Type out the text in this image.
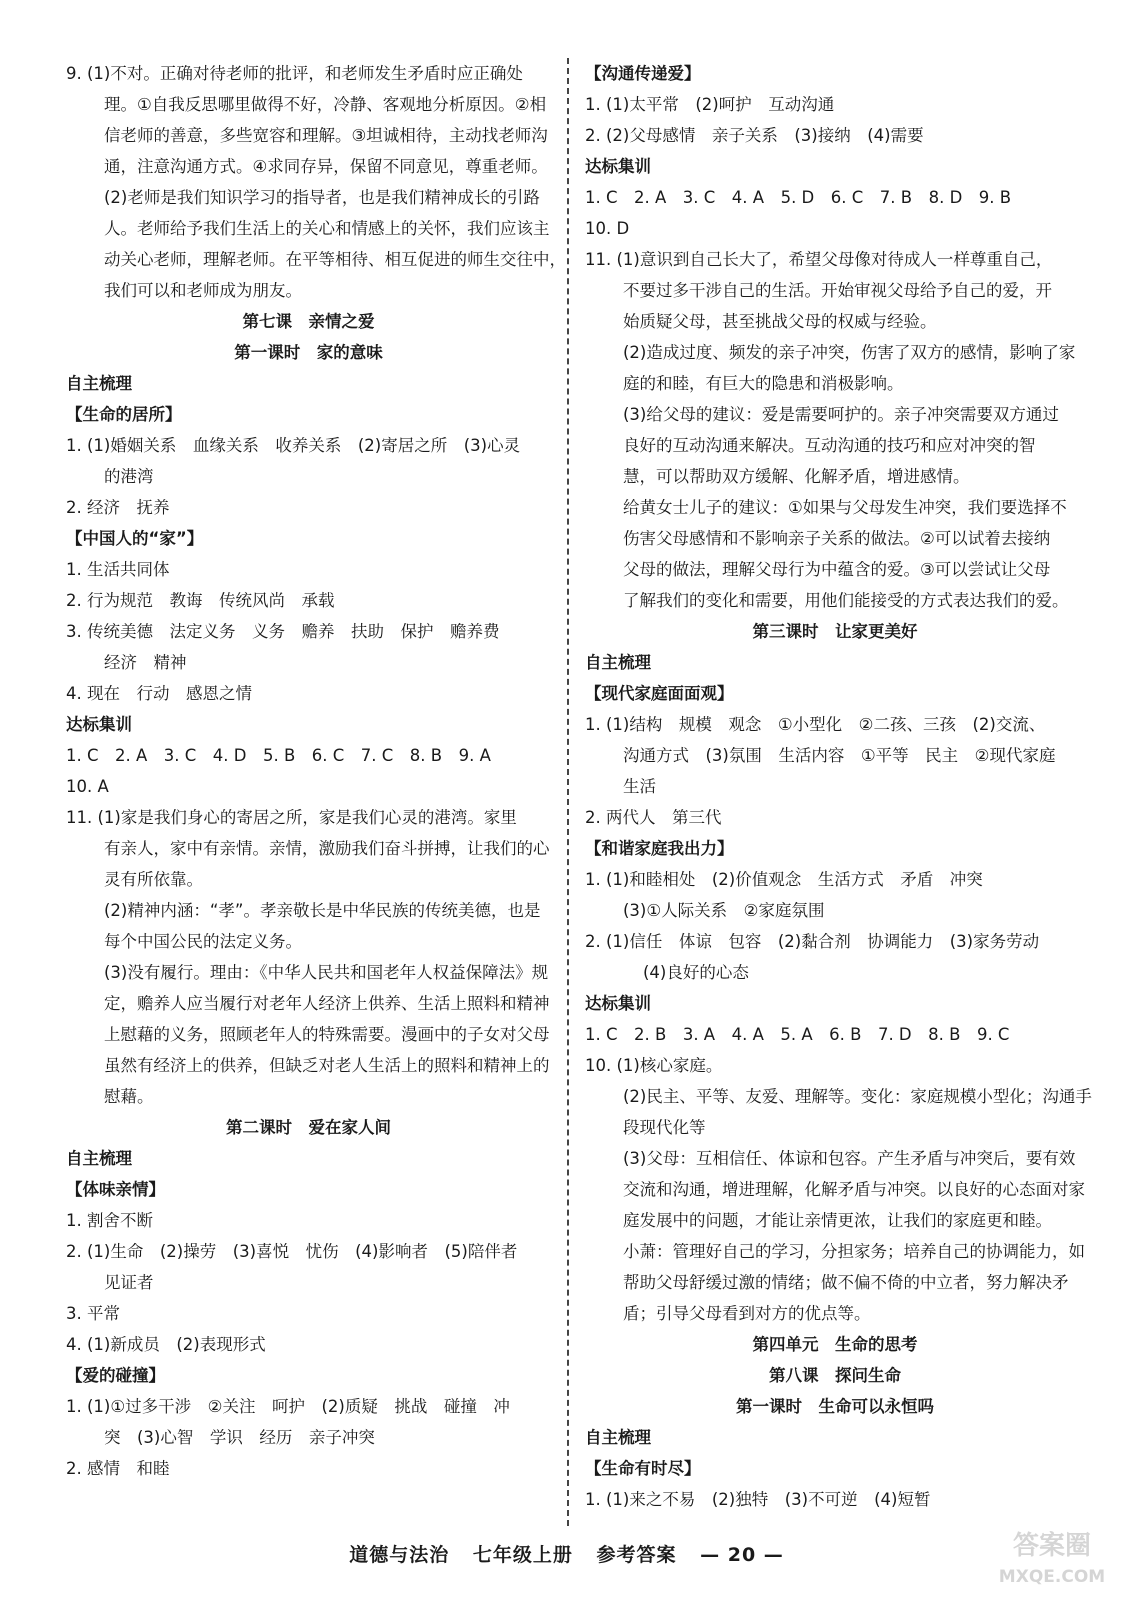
9. (1)不对。正确对待老师的批评，和老师发生矛盾时应正确处
理。①自我反思哪里做得不好，冷静、客观地分析原因。②相
信老师的善意，多些宽容和理解。③坦诚相待，主动找老师沟
通，注意沟通方式。④求同存异，保留不同意见，尊重老师。
(2)老师是我们知识学习的指导者，也是我们精神成长的引路
人。老师给予我们生活上的关心和情感上的关怀，我们应该主
动关心老师，理解老师。在平等相待、相互促进的师生交往中，
我们可以和老师成为朋友。
第七课　亲情之爱
第一课时　家的意味
自主梳理
【生命的居所】
1. (1)婚姻关系　血缘关系　收养关系　(2)寄居之所　(3)心灵
的港湾
2. 经济　抚养
【中国人的“家”】
1. 生活共同体
2. 行为规范　教诲　传统风尚　承载
3. 传统美德　法定义务　义务　赡养　扶助　保护　赡养费
经济　精神
4. 现在　行动　感恩之情
达标集训
1. C　2. A　3. C　4. D　5. B　6. C　7. C　8. B　9. A
10. A
11. (1)家是我们身心的寄居之所，家是我们心灵的港湾。家里
有亲人，家中有亲情。亲情，激励我们奋斗拼搏，让我们的心
灵有所依靠。
(2)精神内涵：“孝”。孝亲敬长是中华民族的传统美德，也是
每个中国公民的法定义务。
(3)没有履行。理由：《中华人民共和国老年人权益保障法》规
定，赡养人应当履行对老年人经济上供养、生活上照料和精神
上慰藉的义务，照顾老年人的特殊需要。漫画中的子女对父母
虽然有经济上的供养，但缺乏对老人生活上的照料和精神上的
慰藉。
第二课时　爱在家人间
自主梳理
【体味亲情】
1. 割舍不断
2. (1)生命　(2)操劳　(3)喜悦　忧伤　(4)影响者　(5)陪伴者
见证者
3. 平常
4. (1)新成员　(2)表现形式
【爱的碰撞】
1. (1)①过多干涉　②关注　呵护　(2)质疑　挑战　碰撞　冲
突　(3)心智　学识　经历　亲子冲突
2. 感情　和睦
【沟通传递爱】
1. (1)太平常　(2)呵护　互动沟通
2. (2)父母感情　亲子关系　(3)接纳　(4)需要
达标集训
1. C　2. A　3. C　4. A　5. D　6. C　7. B　8. D　9. B
10. D
11. (1)意识到自己长大了，希望父母像对待成人一样尊重自己，
不要过多干涉自己的生活。开始审视父母给予自己的爱，开
始质疑父母，甚至挑战父母的权威与经验。
(2)造成过度、频发的亲子冲突，伤害了双方的感情，影响了家
庭的和睦，有巨大的隐患和消极影响。
(3)给父母的建议：爱是需要呵护的。亲子冲突需要双方通过
良好的互动沟通来解决。互动沟通的技巧和应对冲突的智
慧，可以帮助双方缓解、化解矛盾，增进感情。
给黄女士儿子的建议：①如果与父母发生冲突，我们要选择不
伤害父母感情和不影响亲子关系的做法。②可以试着去接纳
父母的做法，理解父母行为中蕴含的爱。③可以尝试让父母
了解我们的变化和需要，用他们能接受的方式表达我们的爱。
第三课时　让家更美好
自主梳理
【现代家庭面面观】
1. (1)结构　规模　观念　①小型化　②二孩、三孩　(2)交流、
沟通方式　(3)氛围　生活内容　①平等　民主　②现代家庭
生活
2. 两代人　第三代
【和谐家庭我出力】
1. (1)和睦相处　(2)价值观念　生活方式　矛盾　冲突
(3)①人际关系　②家庭氛围
2. (1)信任　体谅　包容　(2)黏合剂　协调能力　(3)家务劳动
(4)良好的心态
达标集训
1. C　2. B　3. A　4. A　5. A　6. B　7. D　8. B　9. C
10. (1)核心家庭。
(2)民主、平等、友爱、理解等。变化：家庭规模小型化；沟通手
段现代化等
(3)父母：互相信任、体谅和包容。产生矛盾与冲突后，要有效
交流和沟通，增进理解，化解矛盾与冲突。以良好的心态面对家
庭发展中的问题，才能让亲情更浓，让我们的家庭更和睦。
小萧：管理好自己的学习，分担家务；培养自己的协调能力，如
帮助父母舒缓过激的情绪；做不偏不倚的中立者，努力解决矛
盾；引导父母看到对方的优点等。
第四单元　生命的思考
第八课　探问生命
第一课时　生命可以永恒吗
自主梳理
【生命有时尽】
1. (1)来之不易　(2)独特　(3)不可逆　(4)短暂
道德与法治 七年级上册 参考答案 — 20 —	答案圈
MXQE.COM
